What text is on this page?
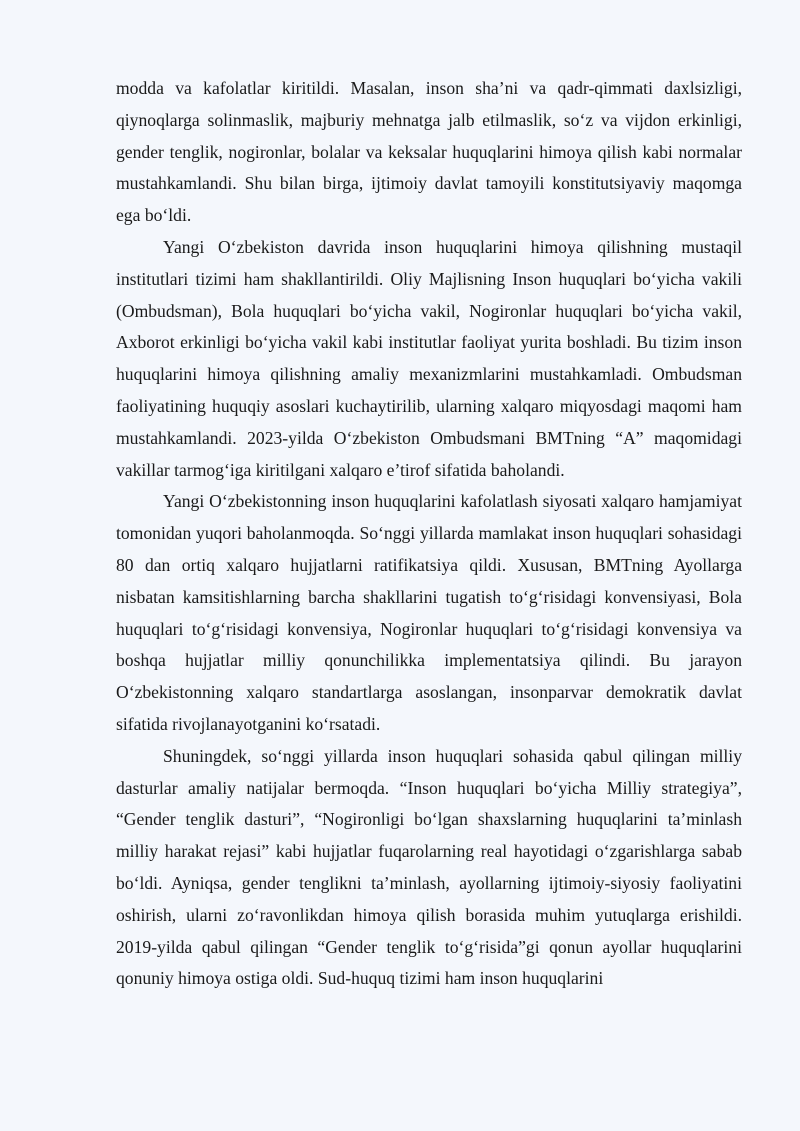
modda va kafolatlar kiritildi. Masalan, inson sha’ni va qadr-qimmati daxlsizligi, qiynoqlarga solinmaslik, majburiy mehnatga jalb etilmaslik, so‘z va vijdon erkinligi, gender tenglik, nogironlar, bolalar va keksalar huquqlarini himoya qilish kabi normalar mustahkamlandi. Shu bilan birga, ijtimoiy davlat tamoyili konstitutsiyaviy maqomga ega bo‘ldi.

Yangi O‘zbekiston davrida inson huquqlarini himoya qilishning mustaqil institutlari tizimi ham shakllantirildi. Oliy Majlisning Inson huquqlari bo‘yicha vakili (Ombudsman), Bola huquqlari bo‘yicha vakil, Nogironlar huquqlari bo‘yicha vakil, Axborot erkinligi bo‘yicha vakil kabi institutlar faoliyat yurita boshladi. Bu tizim inson huquqlarini himoya qilishning amaliy mexanizmlarini mustahkamladi. Ombudsman faoliyatining huquqiy asoslari kuchaytirilib, ularning xalqaro miqyosdagi maqomi ham mustahkamlandi. 2023-yilda O‘zbekiston Ombudsmani BMTning “A” maqomidagi vakillar tarmog‘iga kiritilgani xalqaro e’tirof sifatida baholandi.

Yangi O‘zbekistonning inson huquqlarini kafolatlash siyosati xalqaro hamjamiyat tomonidan yuqori baholanmoqda. So‘nggi yillarda mamlakat inson huquqlari sohasidagi 80 dan ortiq xalqaro hujjatlarni ratifikatsiya qildi. Xususan, BMTning Ayollarga nisbatan kamsitishlarning barcha shakllarini tugatish to‘g‘risidagi konvensiyasi, Bola huquqlari to‘g‘risidagi konvensiya, Nogironlar huquqlari to‘g‘risidagi konvensiya va boshqa hujjatlar milliy qonunchilikka implementatsiya qilindi. Bu jarayon O‘zbekistonning xalqaro standartlarga asoslangan, insonparvar demokratik davlat sifatida rivojlanayotganini ko‘rsatadi.

Shuningdek, so‘nggi yillarda inson huquqlari sohasida qabul qilingan milliy dasturlar amaliy natijalar bermoqda. “Inson huquqlari bo‘yicha Milliy strategiya”, “Gender tenglik dasturi”, “Nogironligi bo‘lgan shaxslarning huquqlarini ta’minlash milliy harakat rejasi” kabi hujjatlar fuqarolarning real hayotidagi o‘zgarishlarga sabab bo‘ldi. Ayniqsa, gender tenglikni ta’minlash, ayollarning ijtimoiy-siyosiy faoliyatini oshirish, ularni zo‘ravonlikdan himoya qilish borasida muhim yutuqlarga erishildi. 2019-yilda qabul qilingan “Gender tenglik to‘g‘risida”gi qonun ayollar huquqlarini qonuniy himoya ostiga oldi. Sud-huquq tizimi ham inson huquqlarini
